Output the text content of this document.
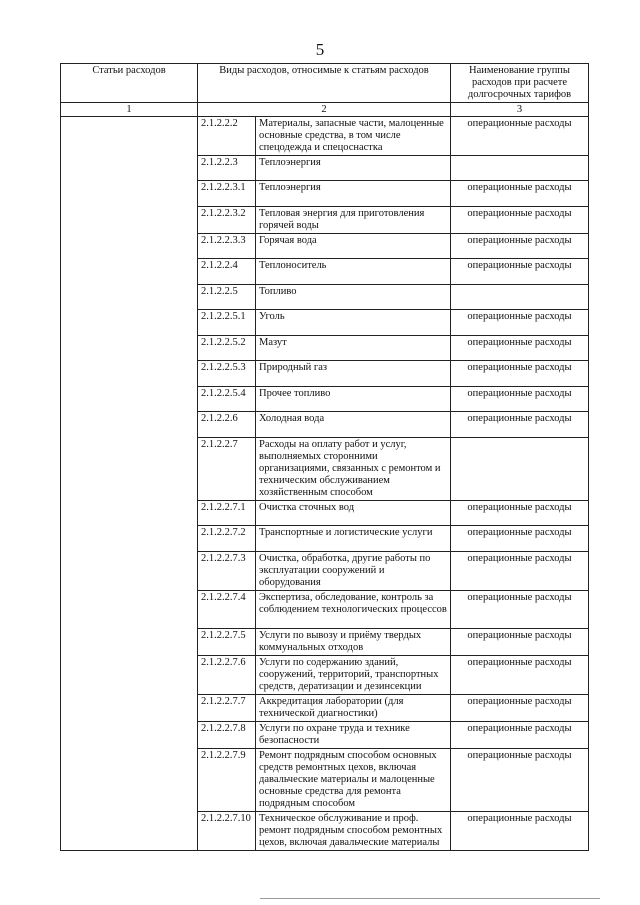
5
Статьи расходов	Виды расходов, относимые к статьям расходов		Наименование группы расходов при расчете долгосрочных тарифов
1	2		3
	2.1.2.2.2	Материалы, запасные части, малоценные основные средства, в том числе спецодежда и спецоснастка	операционные расходы
	2.1.2.2.3	Теплоэнергия	
	2.1.2.2.3.1	Теплоэнергия	операционные расходы
	2.1.2.2.3.2	Тепловая энергия для приготовления горячей воды	операционные расходы
	2.1.2.2.3.3	Горячая вода	операционные расходы
	2.1.2.2.4	Теплоноситель	операционные расходы
	2.1.2.2.5	Топливо	
	2.1.2.2.5.1	Уголь	операционные расходы
	2.1.2.2.5.2	Мазут	операционные расходы
	2.1.2.2.5.3	Природный газ	операционные расходы
	2.1.2.2.5.4	Прочее топливо	операционные расходы
	2.1.2.2.6	Холодная вода	операционные расходы
	2.1.2.2.7	Расходы на оплату работ и услуг, выполняемых сторонними организациями, связанных с ремонтом и техническим обслуживанием хозяйственным способом	
	2.1.2.2.7.1	Очистка сточных вод	операционные расходы
	2.1.2.2.7.2	Транспортные и логистические услуги	операционные расходы
	2.1.2.2.7.3	Очистка, обработка, другие работы по эксплуатации сооружений и оборудования	операционные расходы
	2.1.2.2.7.4	Экспертиза, обследование, контроль за соблюдением технологических процессов	операционные расходы
	2.1.2.2.7.5	Услуги по вывозу и приёму твердых коммунальных отходов	операционные расходы
	2.1.2.2.7.6	Услуги по содержанию зданий, сооружений, территорий, транспортных средств, дератизации и дезинсекции	операционные расходы
	2.1.2.2.7.7	Аккредитация лаборатории (для технической диагностики)	операционные расходы
	2.1.2.2.7.8	Услуги по охране труда и технике безопасности	операционные расходы
	2.1.2.2.7.9	Ремонт подрядным способом основных средств ремонтных цехов, включая давальческие материалы и малоценные основные средства для ремонта подрядным способом	операционные расходы
	2.1.2.2.7.10	Техническое обслуживание и проф. ремонт подрядным способом ремонтных цехов, включая давальческие материалы	операционные расходы
